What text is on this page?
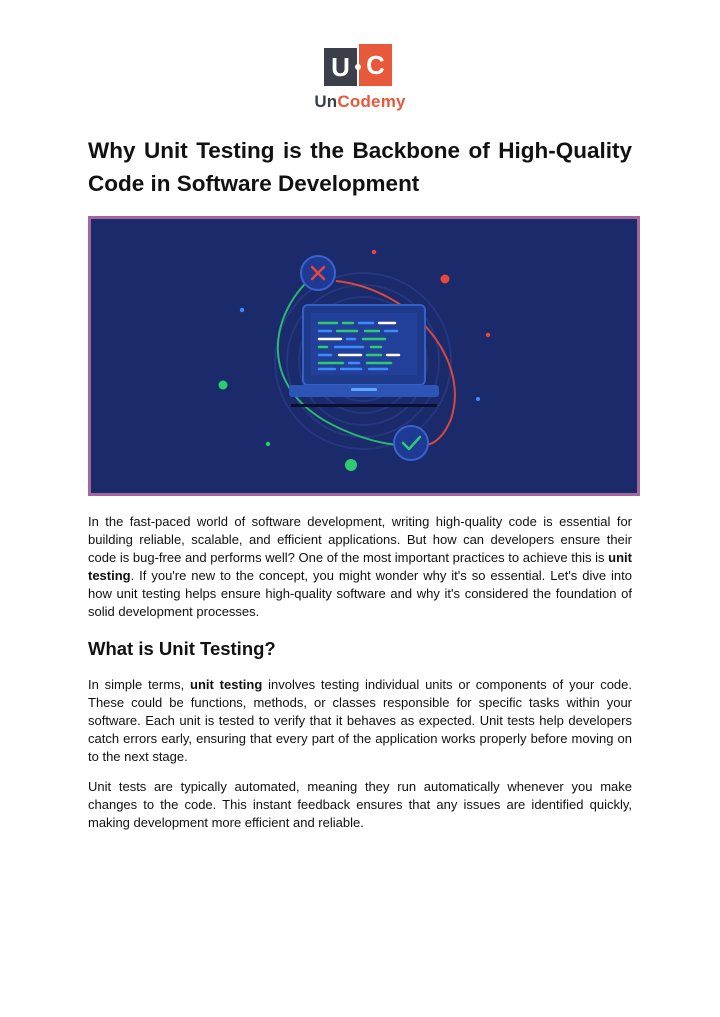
U C
UnCodemy
Why Unit Testing is the Backbone of High-Quality Code in Software Development

In the fast-paced world of software development, writing high-quality code is essential for building reliable, scalable, and efficient applications. But how can developers ensure their code is bug-free and performs well? One of the most important practices to achieve this is unit testing. If you're new to the concept, you might wonder why it's so essential. Let's dive into how unit testing helps ensure high-quality software and why it's considered the foundation of solid development processes.

What is Unit Testing?

In simple terms, unit testing involves testing individual units or components of your code. These could be functions, methods, or classes responsible for specific tasks within your software. Each unit is tested to verify that it behaves as expected. Unit tests help developers catch errors early, ensuring that every part of the application works properly before moving on to the next stage.

Unit tests are typically automated, meaning they run automatically whenever you make changes to the code. This instant feedback ensures that any issues are identified quickly, making development more efficient and reliable.
